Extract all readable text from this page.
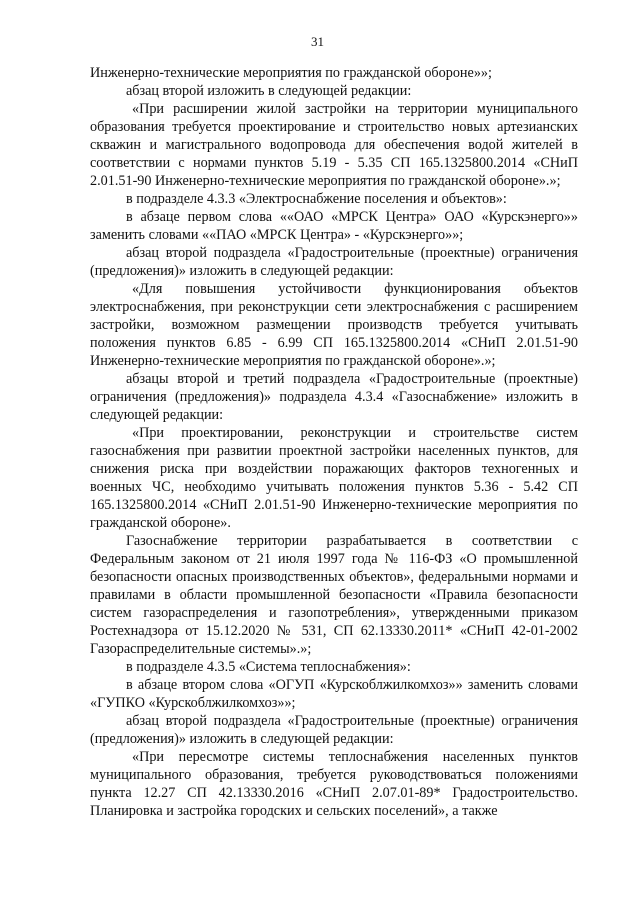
31

Инженерно-технические мероприятия по гражданской обороне»»;

абзац второй изложить в следующей редакции:

«При расширении жилой застройки на территории муниципального образования требуется проектирование и строительство новых артезианских скважин и магистрального водопровода для обеспечения водой жителей в соответствии с нормами пунктов 5.19 - 5.35 СП 165.1325800.2014 «СНиП 2.01.51-90 Инженерно-технические мероприятия по гражданской обороне».»;

в подразделе 4.3.3 «Электроснабжение поселения и объектов»:

в абзаце первом слова ««ОАО «МРСК Центра» ОАО «Курскэнерго»» заменить словами ««ПАО «МРСК Центра» - «Курскэнерго»»;

абзац второй подраздела «Градостроительные (проектные) ограничения (предложения)» изложить в следующей редакции:

«Для повышения устойчивости функционирования объектов электроснабжения, при реконструкции сети электроснабжения с расширением застройки, возможном размещении производств требуется учитывать положения пунктов 6.85 - 6.99 СП 165.1325800.2014 «СНиП 2.01.51-90 Инженерно-технические мероприятия по гражданской обороне».»;

абзацы второй и третий подраздела «Градостроительные (проектные) ограничения (предложения)» подраздела 4.3.4 «Газоснабжение» изложить в следующей редакции:

«При проектировании, реконструкции и строительстве систем газоснабжения при развитии проектной застройки населенных пунктов, для снижения риска при воздействии поражающих факторов техногенных и военных ЧС, необходимо учитывать положения пунктов 5.36 - 5.42 СП 165.1325800.2014 «СНиП 2.01.51-90 Инженерно-технические мероприятия по гражданской обороне».

Газоснабжение территории разрабатывается в соответствии с Федеральным законом от 21 июля 1997 года № 116-ФЗ «О промышленной безопасности опасных производственных объектов», федеральными нормами и правилами в области промышленной безопасности «Правила безопасности систем газораспределения и газопотребления», утвержденными приказом Ростехнадзора от 15.12.2020 № 531, СП 62.13330.2011* «СНиП 42-01-2002 Газораспределительные системы».»;

в подразделе 4.3.5 «Система теплоснабжения»:

в абзаце втором слова «ОГУП «Курскоблжилкомхоз»» заменить словами «ГУПКО «Курскоблжилкомхоз»»;

абзац второй подраздела «Градостроительные (проектные) ограничения (предложения)» изложить в следующей редакции:

«При пересмотре системы теплоснабжения населенных пунктов муниципального образования, требуется руководствоваться положениями пункта 12.27 СП 42.13330.2016 «СНиП 2.07.01-89* Градостроительство. Планировка и застройка городских и сельских поселений», а также
